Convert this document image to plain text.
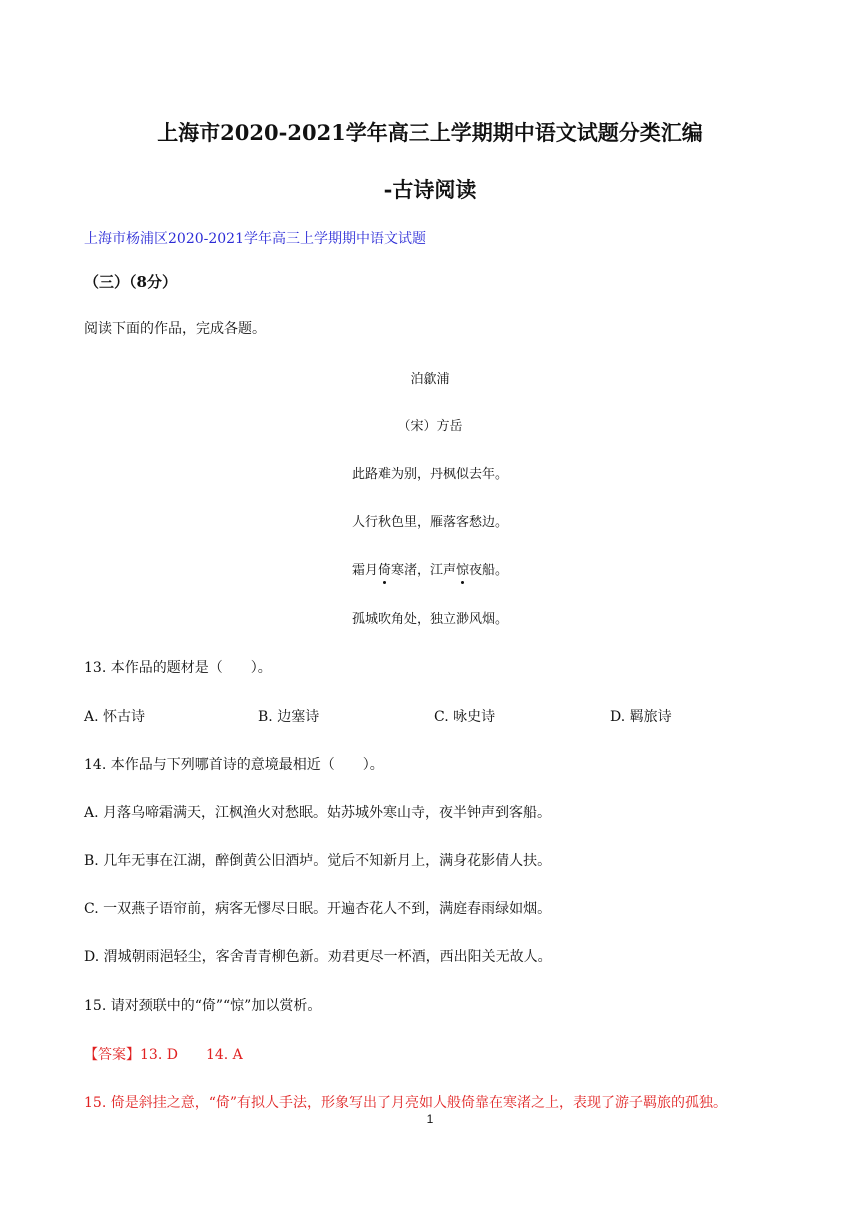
上海市2020-2021学年高三上学期期中语文试题分类汇编
-古诗阅读
上海市杨浦区2020-2021学年高三上学期期中语文试题
（三）（8分）
阅读下面的作品，完成各题。
泊歙浦
（宋）方岳
此路难为别，丹枫似去年。
人行秋色里，雁落客愁边。
霜月倚寒渚，江声惊夜船。
孤城吹角处，独立渺风烟。
13. 本作品的题材是（　　）。
A. 怀古诗	B. 边塞诗	C. 咏史诗	D. 羁旅诗
14. 本作品与下列哪首诗的意境最相近（　　）。
A. 月落乌啼霜满天，江枫渔火对愁眠。姑苏城外寒山寺，夜半钟声到客船。
B. 几年无事在江湖，醉倒黄公旧酒垆。觉后不知新月上，满身花影倩人扶。
C. 一双燕子语帘前，病客无憀尽日眠。开遍杏花人不到，满庭春雨绿如烟。
D. 渭城朝雨浥轻尘，客舍青青柳色新。劝君更尽一杯酒，西出阳关无故人。
15. 请对颈联中的“倚”“惊”加以赏析。
【答案】13. D　　14. A
15. 倚是斜挂之意，“倚”有拟人手法，形象写出了月亮如人般倚靠在寒渚之上，表现了游子羁旅的孤独。
1
